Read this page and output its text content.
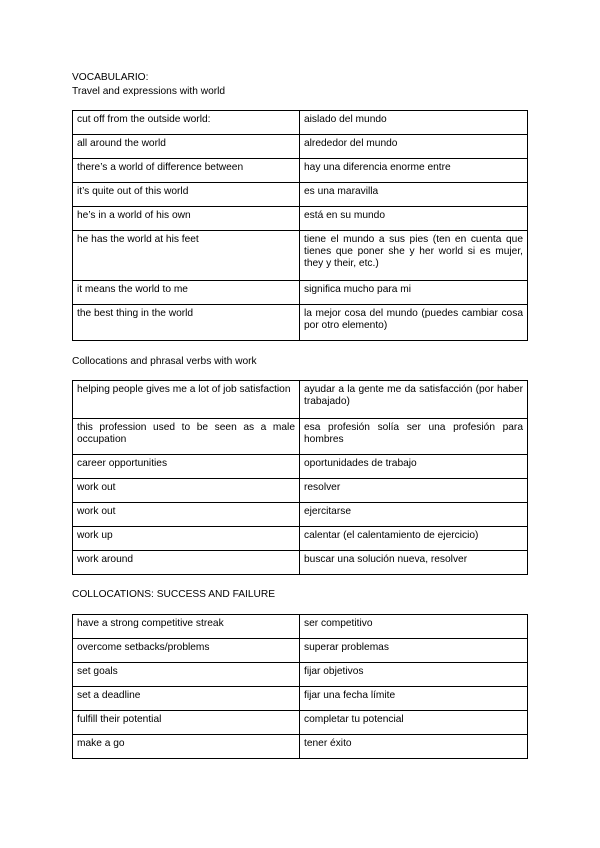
VOCABULARIO:
Travel and expressions with world
cut off from the outside world:	aislado del mundo
all around the world	alrededor del mundo
there’s a world of difference between	hay una diferencia enorme entre
it’s quite out of this world	es una maravilla
he’s in a world of his own	está en su mundo
he has the world at his feet	tiene el mundo a sus pies (ten en cuenta que tienes que poner she y her world si es mujer, they y their, etc.)
it means the world to me	significa mucho para mi
the best thing in the world	la mejor cosa del mundo (puedes cambiar cosa por otro elemento)
Collocations and phrasal verbs with work
helping people gives me a lot of job satisfaction	ayudar a la gente me da satisfacción (por haber trabajado)
this profession used to be seen as a male occupation	esa profesión solía ser una profesión para hombres
career opportunities	oportunidades de trabajo
work out	resolver
work out	ejercitarse
work up	calentar (el calentamiento de ejercicio)
work around	buscar una solución nueva, resolver
COLLOCATIONS: SUCCESS AND FAILURE
have a strong competitive streak	ser competitivo
overcome setbacks/problems	superar problemas
set goals	fijar objetivos
set a deadline	fijar una fecha límite
fulfill their potential	completar tu potencial
make a go	tener éxito
